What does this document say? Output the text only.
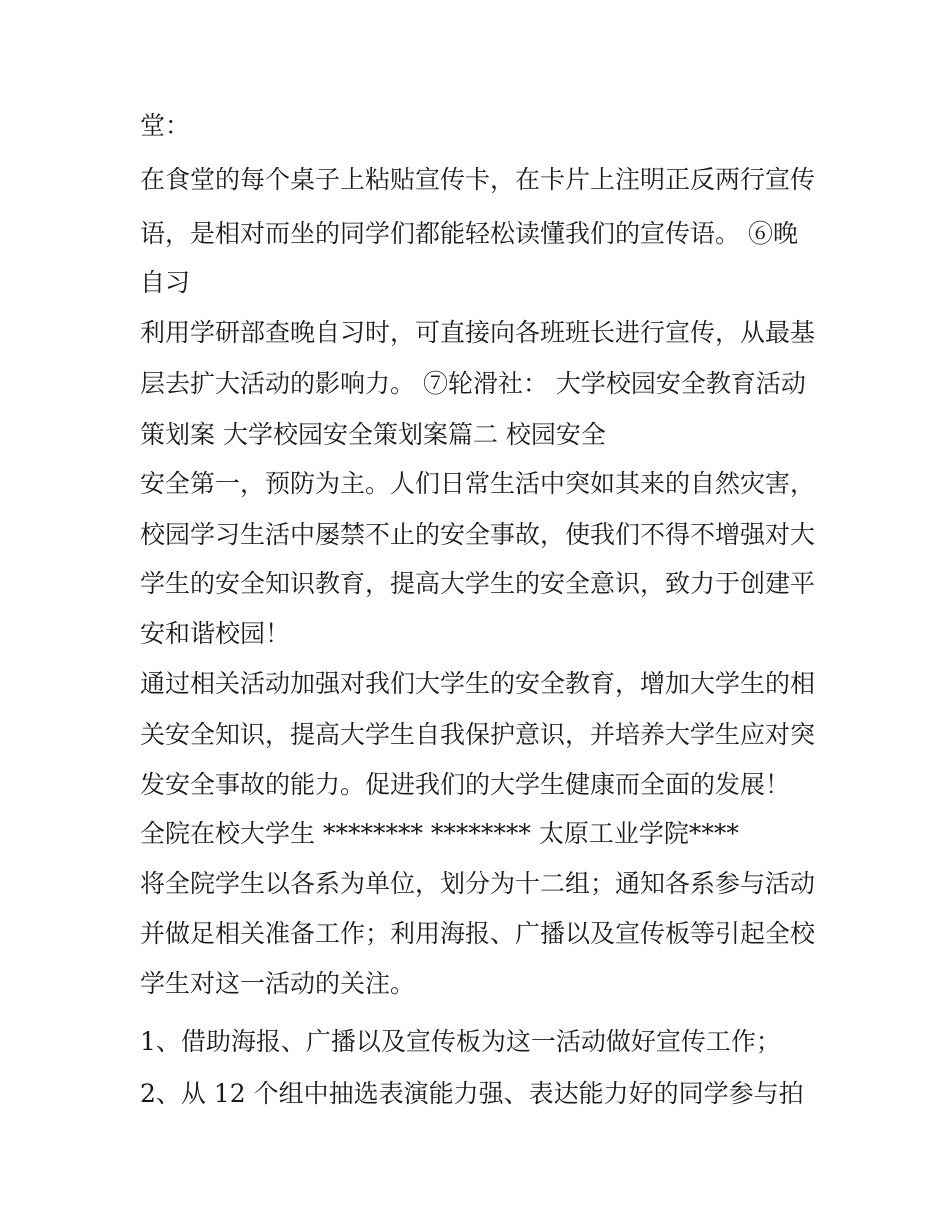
堂：
在食堂的每个桌子上粘贴宣传卡，在卡片上注明正反两行宣传
语，是相对而坐的同学们都能轻松读懂我们的宣传语。 ⑥晚
自习
利用学研部查晚自习时，可直接向各班班长进行宣传，从最基
层去扩大活动的影响力。 ⑦轮滑社： 大学校园安全教育活动
策划案 大学校园安全策划案篇二 校园安全
安全第一，预防为主。人们日常生活中突如其来的自然灾害，
校园学习生活中屡禁不止的安全事故，使我们不得不增强对大
学生的安全知识教育，提高大学生的安全意识，致力于创建平
安和谐校园！
通过相关活动加强对我们大学生的安全教育，增加大学生的相
关安全知识，提高大学生自我保护意识，并培养大学生应对突
发安全事故的能力。促进我们的大学生健康而全面的发展！
全院在校大学生 ******** ******** 太原工业学院****
将全院学生以各系为单位，划分为十二组；通知各系参与活动
并做足相关准备工作；利用海报、广播以及宣传板等引起全校
学生对这一活动的关注。
1、借助海报、广播以及宣传板为这一活动做好宣传工作；
2、从 12 个组中抽选表演能力强、表达能力好的同学参与拍
